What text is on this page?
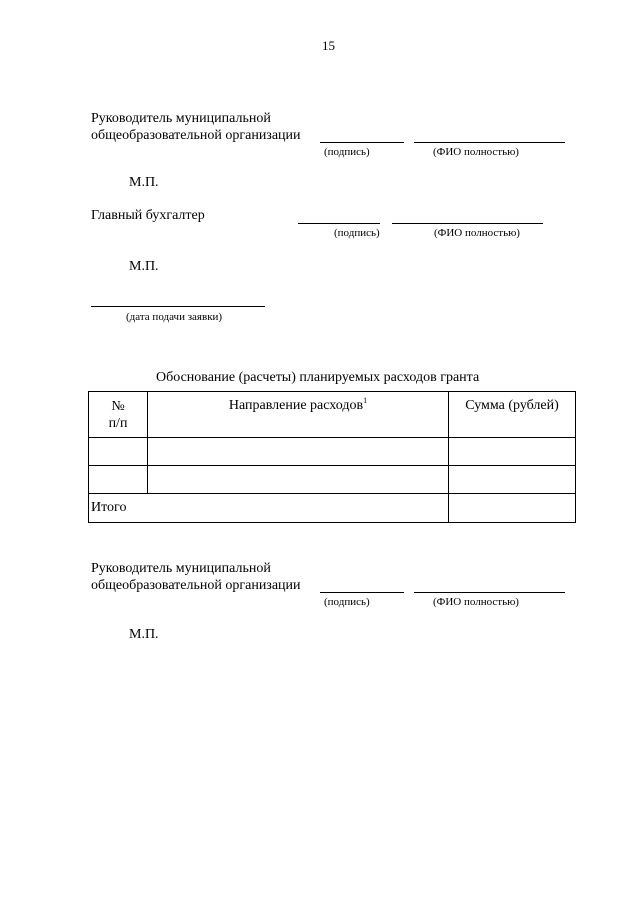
15
Руководитель муниципальной
общеобразовательной организации
(подпись)	(ФИО полностью)
М.П.
Главный бухгалтер
(подпись)	(ФИО полностью)
М.П.
(дата подачи заявки)
Обоснование (расчеты) планируемых расходов гранта
№
п/п	Направление расходов$^1$	Сумма (рублей)

Итого		
Руководитель муниципальной
общеобразовательной организации
(подпись)	(ФИО полностью)
М.П.
